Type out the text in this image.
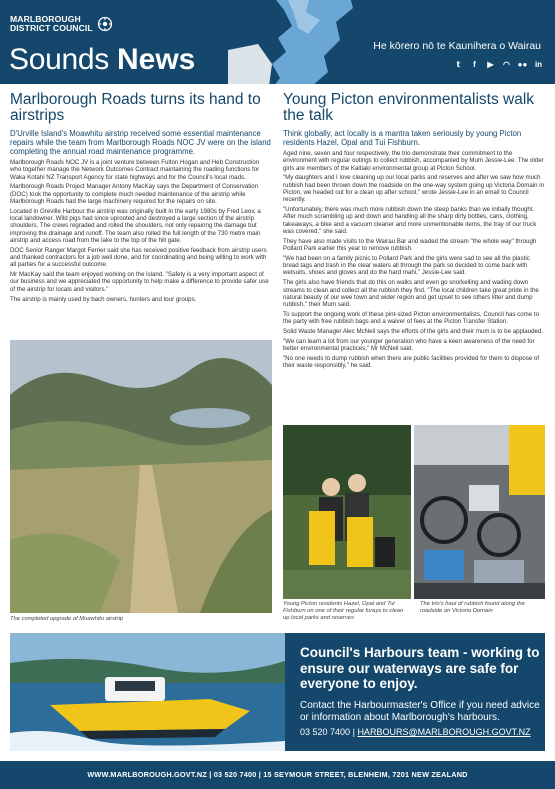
MARLBOROUGH
DISTRICT COUNCIL
Sounds News	He kōrero nō te Kaunihera o Wairau
𝕥	f	▶ ◠ ●● in
Marlborough Roads turns its hand to airstrips
D'Urville Island's Moawhitu airstrip received some essential maintenance repairs while the team from Marlborough Roads NOC JV were on the island completing the annual road maintenance programme.

Marlborough Roads NOC JV is a joint venture between Fulton Hogan and Heb Construction who together manage the Network Outcomes Contract maintaining the roading functions for Waka Kotahi NZ Transport Agency for state highways and for the Council's local roads.

Marlborough Roads Project Manager Antony MacKay says the Department of Conservation (DOC) took the opportunity to complete much needed maintenance of the airstrip while Marlborough Roads had the large machinery required for the repairs on site.

Located in Greville Harbour the airstrip was originally built in the early 1980s by Fred Leov, a local landowner. Wild pigs had since uprooted and destroyed a large section of the airstrip shoulders. The crews regraded and rolled the shoulders, not only repairing the damage but improving the drainage and runoff. The team also rolled the full length of the 730 metre main airstrip and access road from the lake to the top of the hill gate.

DOC Senior Ranger Margot Ferrier said she has received positive feedback from airstrip users and thanked contractors for a job well done, and for coordinating and being willing to work with all parties for a successful outcome.

Mr MacKay said the team enjoyed working on the island. "Safety is a very important aspect of our business and we appreciated the opportunity to help make a difference to provide safer use of the airstrip for locals and visitors."

The airstrip is mainly used by bach owners, hunters and tour groups.

The completed upgrade of Moawhitu airstrip
Young Picton environmentalists walk the talk
Think globally, act locally is a mantra taken seriously by young Picton residents Hazel, Opal and Tui Fishburn.

Aged nine, seven and four respectively, the trio demonstrate their commitment to the environment with regular outings to collect rubbish, accompanied by Mum Jessie-Lee. The older girls are members of the Kaitiaki environmental group at Picton School.

"My daughters and I love cleaning up our local parks and reserves and after we saw how much rubbish had been thrown down the roadside on the one-way system going up Victoria Domain in Picton, we headed out for a clean up after school," wrote Jessie-Lee in an email to Council recently.

"Unfortunately, there was much more rubbish down the steep banks than we initially thought. After much scrambling up and down and handling all the sharp dirty bottles, cans, clothing, takeaways, a bike and a vacuum cleaner and more unmentionable items, the tray of our truck was covered," she said.

They have also made visits to the Wairau Bar and waded the stream "the whole way" through Pollard Park earlier this year to remove rubbish.

"We had been on a family picnic to Pollard Park and the girls were sad to see all the plastic bread tags and trash in the clear waters all through the park so decided to come back with wetsuits, shoes and gloves and do the hard mahi," Jessie-Lee said.

The girls also have friends that do this on walks and even go snorkelling and wading down streams to clean and collect all the rubbish they find. "The local children take great pride in the natural beauty of our wee town and wider region and get upset to see others litter and dump rubbish," their Mum said.

To support the ongoing work of these pint-sized Picton environmentalists, Council has come to the party with free rubbish bags and a waiver of fees at the Picton Transfer Station.

Solid Waste Manager Alec McNeil says the efforts of the girls and their mum is to be applauded.

"We can learn a lot from our younger generation who have a keen awareness of the need for better environmental practices," Mr McNeil said.

"No one needs to dump rubbish when there are public facilities provided for them to dispose of their waste responsibly," he said.

Young Picton residents Hazel, Opal and Tui Fishburn on one of their regular forays to clean up local parks and reserves
The trio's haul of rubbish found along the roadside on Victoria Domain
Council's Harbours team - working to ensure our waterways are safe for everyone to enjoy.
Contact the Harbourmaster's Office if you need advice or information about Marlborough's harbours.
03 520 7400 | HARBOURS@MARLBOROUGH.GOVT.NZ
WWW.MARLBOROUGH.GOVT.NZ | 03 520 7400 | 15 SEYMOUR STREET, BLENHEIM, 7201 NEW ZEALAND
